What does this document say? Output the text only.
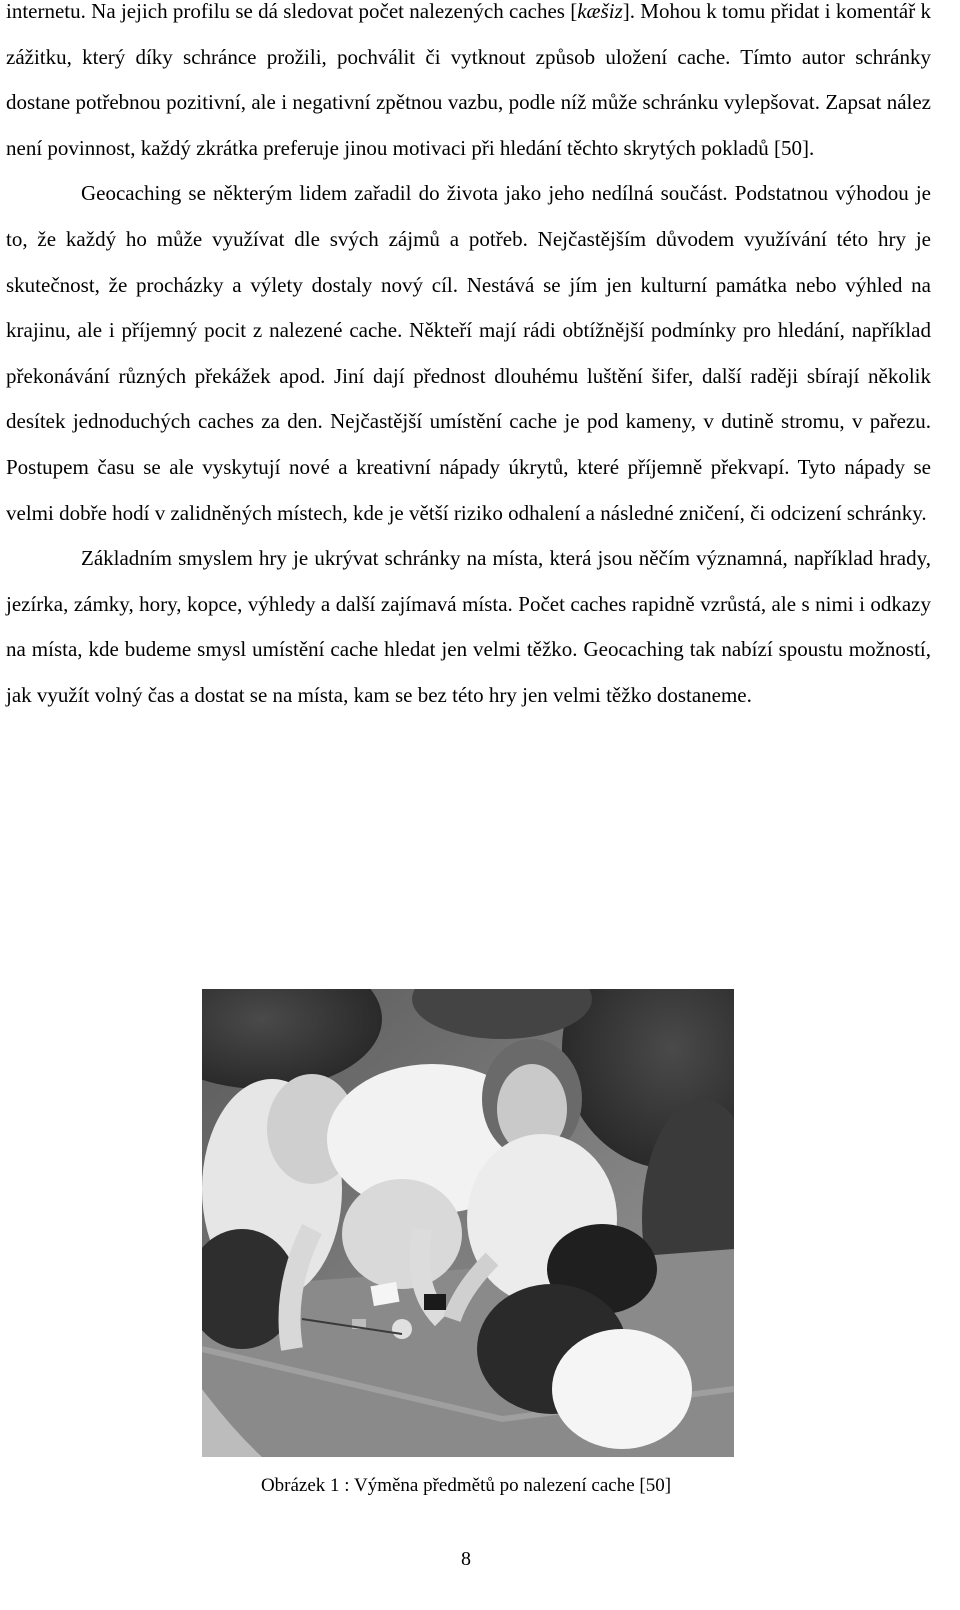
internetu. Na jejich profilu se dá sledovat počet nalezených caches [kæšiz]. Mohou k tomu přidat i komentář k zážitku, který díky schránce prožili, pochválit či vytknout způsob uložení cache. Tímto autor schránky dostane potřebnou pozitivní, ale i negativní zpětnou vazbu, podle níž může schránku vylepšovat. Zapsat nález není povinnost, každý zkrátka preferuje jinou motivaci při hledání těchto skrytých pokladů [50].

Geocaching se některým lidem zařadil do života jako jeho nedílná součást. Podstatnou výhodou je to, že každý ho může využívat dle svých zájmů a potřeb. Nejčastějším důvodem využívání této hry je skutečnost, že procházky a výlety dostaly nový cíl. Nestává se jím jen kulturní památka nebo výhled na krajinu, ale i příjemný pocit z nalezené cache. Někteří mají rádi obtížnější podmínky pro hledání, například překonávání různých překážek apod. Jiní dají přednost dlouhému luštění šifer, další raději sbírají několik desítek jednoduchých caches za den. Nejčastější umístění cache je pod kameny, v dutině stromu, v pařezu. Postupem času se ale vyskytují nové a kreativní nápady úkrytů, které příjemně překvapí. Tyto nápady se velmi dobře hodí v zalidněných místech, kde je větší riziko odhalení a následné zničení, či odcizení schránky.

Základním smyslem hry je ukrývat schránky na místa, která jsou něčím významná, například hrady, jezírka, zámky, hory, kopce, výhledy a další zajímavá místa. Počet caches rapidně vzrůstá, ale s nimi i odkazy na místa, kde budeme smysl umístění cache hledat jen velmi těžko. Geocaching tak nabízí spoustu možností, jak využít volný čas a dostat se na místa, kam se bez této hry jen velmi těžko dostaneme.

Obrázek 1 : Výměna předmětů po nalezení cache [50]
8
